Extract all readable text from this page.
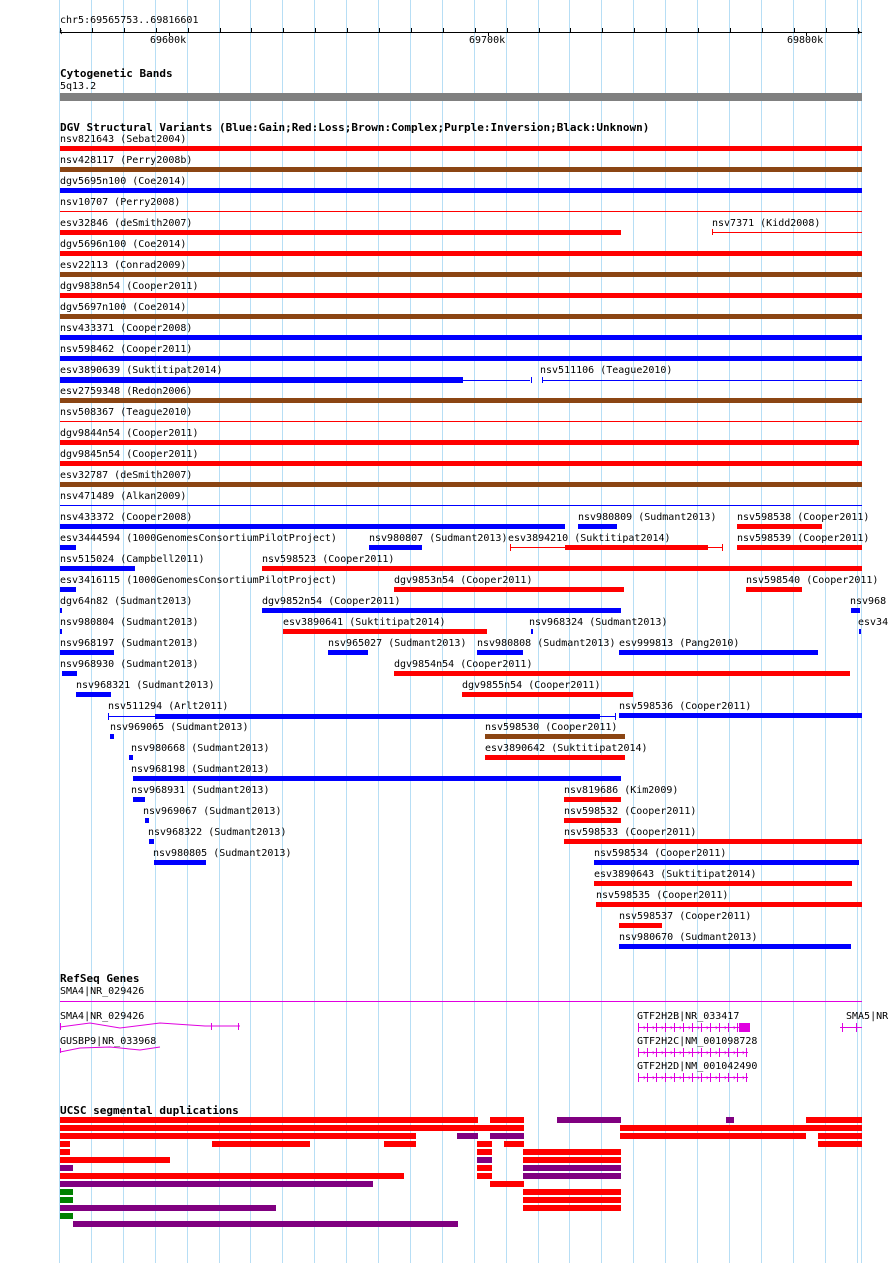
chr5:69565753..69816601
69600k	69700k	69800k
‹	›
Cytogenetic Bands
5q13.2
DGV Structural Variants (Blue:Gain;Red:Loss;Brown:Complex;Purple:Inversion;Black:Unknown)
nsv821643 (Sebat2004)
nsv428117 (Perry2008b)
dgv5695n100 (Coe2014)
nsv10707 (Perry2008)
esv32846 (deSmith2007)
dgv5696n100 (Coe2014)
esv22113 (Conrad2009)
dgv9838n54 (Cooper2011)
dgv5697n100 (Coe2014)
nsv433371 (Cooper2008)
nsv598462 (Cooper2011)
esv2759348 (Redon2006)
nsv508367 (Teague2010)
dgv9844n54 (Cooper2011)
dgv9845n54 (Cooper2011)
esv32787 (deSmith2007)
nsv471489 (Alkan2009)
nsv7371 (Kidd2008)
esv3890639 (Suktitipat2014)	nsv511106 (Teague2010)
nsv433372 (Cooper2008)	nsv980809 (Sudmant2013) nsv598538 (Cooper2011)
esv3444594 (1000GenomesConsortiumPilotProject)	nsv980807 (Sudmant2013) esv3894210 (Suktitipat2014)	nsv598539 (Cooper2011)
nsv515024 (Campbell2011)	nsv598523 (Cooper2011)
esv3416115 (1000GenomesConsortiumPilotProject)	dgv9853n54 (Cooper2011)	nsv598540 (Cooper2011)
dgv64n82 (Sudmant2013)	dgv9852n54 (Cooper2011)	nsv968
nsv980804 (Sudmant2013)	esv3890641 (Suktitipat2014)	nsv968324 (Sudmant2013)	esv34
nsv968197 (Sudmant2013)	nsv965027 (Sudmant2013) nsv980808 (Sudmant2013) esv999813 (Pang2010)
nsv968930 (Sudmant2013)	dgv9854n54 (Cooper2011)
nsv968321 (Sudmant2013)	dgv9855n54 (Cooper2011)
nsv511294 (Arlt2011)	nsv598536 (Cooper2011)
nsv969065 (Sudmant2013)	nsv598530 (Cooper2011)
nsv980668 (Sudmant2013)	esv3890642 (Suktitipat2014)
nsv968198 (Sudmant2013)
nsv968931 (Sudmant2013)	nsv819686 (Kim2009)
nsv969067 (Sudmant2013)	nsv598532 (Cooper2011)
nsv968322 (Sudmant2013)	nsv598533 (Cooper2011)
nsv980805 (Sudmant2013)	nsv598534 (Cooper2011)
esv3890643 (Suktitipat2014)
nsv598535 (Cooper2011)
nsv598537 (Cooper2011)
nsv980670 (Sudmant2013)
RefSeq Genes
SMA4|NR_029426
SMA4|NR_029426
GUSBP9|NR_033968
GTF2H2B|NR_033417
GTF2H2C|NM_001098728
GTF2H2D|NM_001042490
› › › › › › › › › › ›
› › › › › › › › › › › ›
› › › › › › › › › › › ›
SMA5|NR
UCSC segmental duplications
